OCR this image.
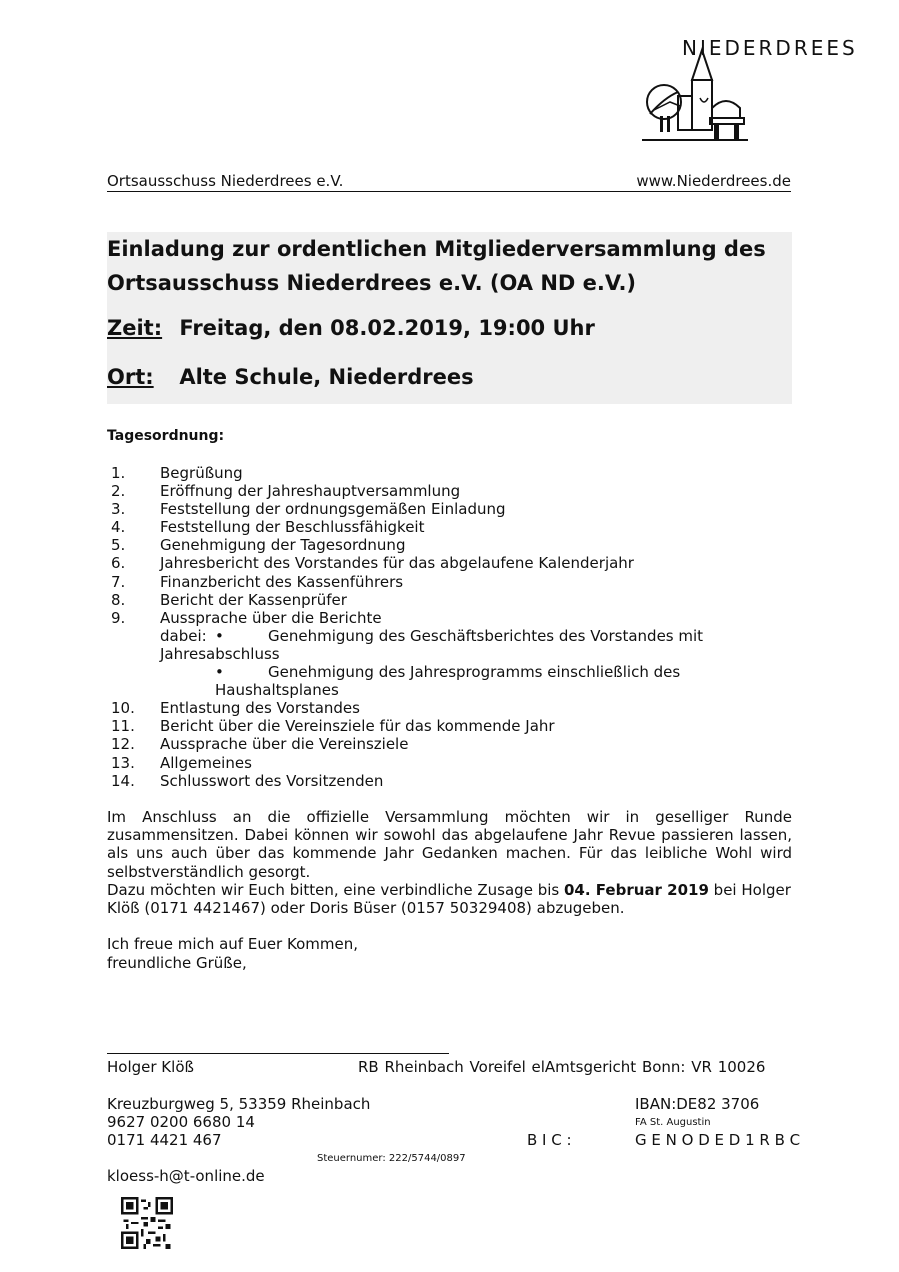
NIEDERDREES
Ortsausschuss Niederdrees e.V.	www.Niederdrees.de

Einladung zur ordentlichen Mitgliederversammlung des
Ortsausschuss Niederdrees e.V. (OA ND e.V.)
Zeit: Freitag, den 08.02.2019, 19:00 Uhr
Ort: Alte Schule, Niederdrees
Tagesordnung:
1. Begrüßung
2. Eröffnung der Jahreshauptversammlung
3. Feststellung der ordnungsgemäßen Einladung
4. Feststellung der Beschlussfähigkeit
5. Genehmigung der Tagesordnung
6. Jahresbericht des Vorstandes für das abgelaufene Kalenderjahr
7. Finanzbericht des Kassenführers
8. Bericht der Kassenprüfer
9. Aussprache über die Berichte
dabei: •	Genehmigung des Geschäftsberichtes des Vorstandes mit
Jahresabschluss
•	Genehmigung des Jahresprogramms einschließlich des
Haushaltsplanes
10. Entlastung des Vorstandes
11. Bericht über die Vereinsziele für das kommende Jahr
12. Aussprache über die Vereinsziele
13. Allgemeines
14. Schlusswort des Vorsitzenden
Im Anschluss an die offizielle Versammlung möchten wir in geselliger Runde zusammensitzen. Dabei können wir sowohl das abgelaufene Jahr Revue passieren lassen, als uns auch über das kommende Jahr Gedanken machen. Für das leibliche Wohl wird selbstverständlich gesorgt.
Dazu möchten wir Euch bitten, eine verbindliche Zusage bis 04. Februar 2019 bei Holger Klöß (0171 4421467) oder Doris Büser (0157 50329408) abzugeben.
Ich freue mich auf Euer Kommen,
freundliche Grüße,
Holger Klöß	RB Rheinbach Voreifel elAmtsgericht Bonn: VR 10026
Kreuzburgweg 5, 53359 Rheinbach	IBAN:DE82 3706
9627 0200 6680 14	FA St. Augustin
0171 4421 467	B I C :	G E N O D E D 1 R B C
Steuernumer: 222/5744/0897
kloess-h@t-online.de
